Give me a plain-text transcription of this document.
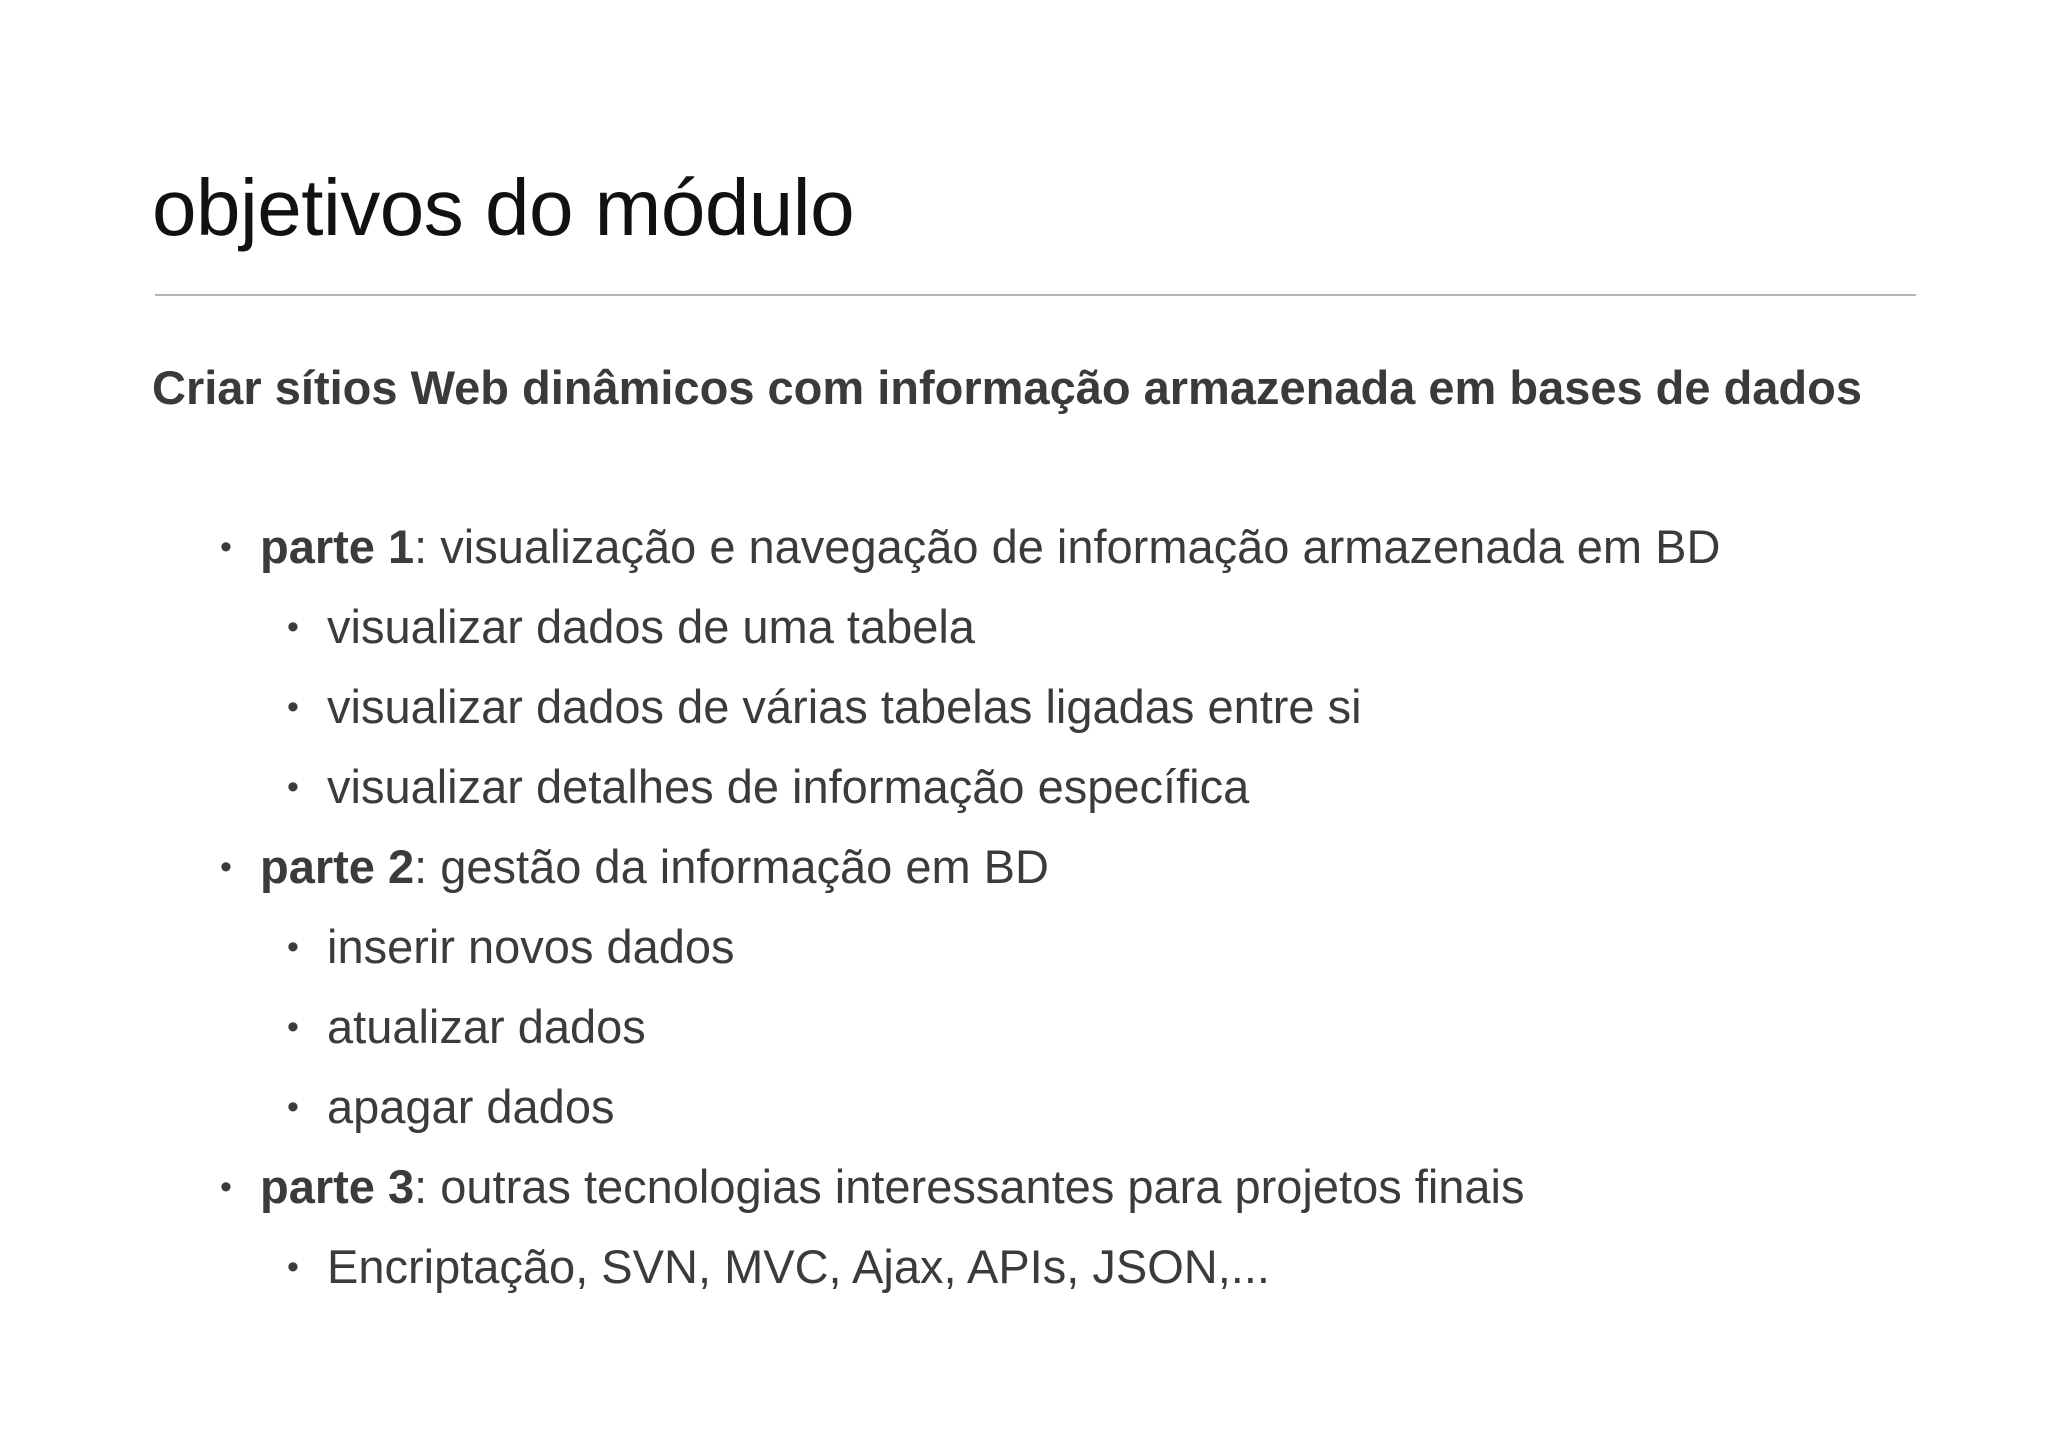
objetivos do módulo

Criar sítios Web dinâmicos com informação armazenada em bases de dados

• parte 1: visualização e navegação de informação armazenada em BD
• visualizar dados de uma tabela
• visualizar dados de várias tabelas ligadas entre si
• visualizar detalhes de informação específica
• parte 2: gestão da informação em BD
• inserir novos dados
• atualizar dados
• apagar dados
• parte 3: outras tecnologias interessantes para projetos finais
• Encriptação, SVN, MVC, Ajax, APIs, JSON,...
